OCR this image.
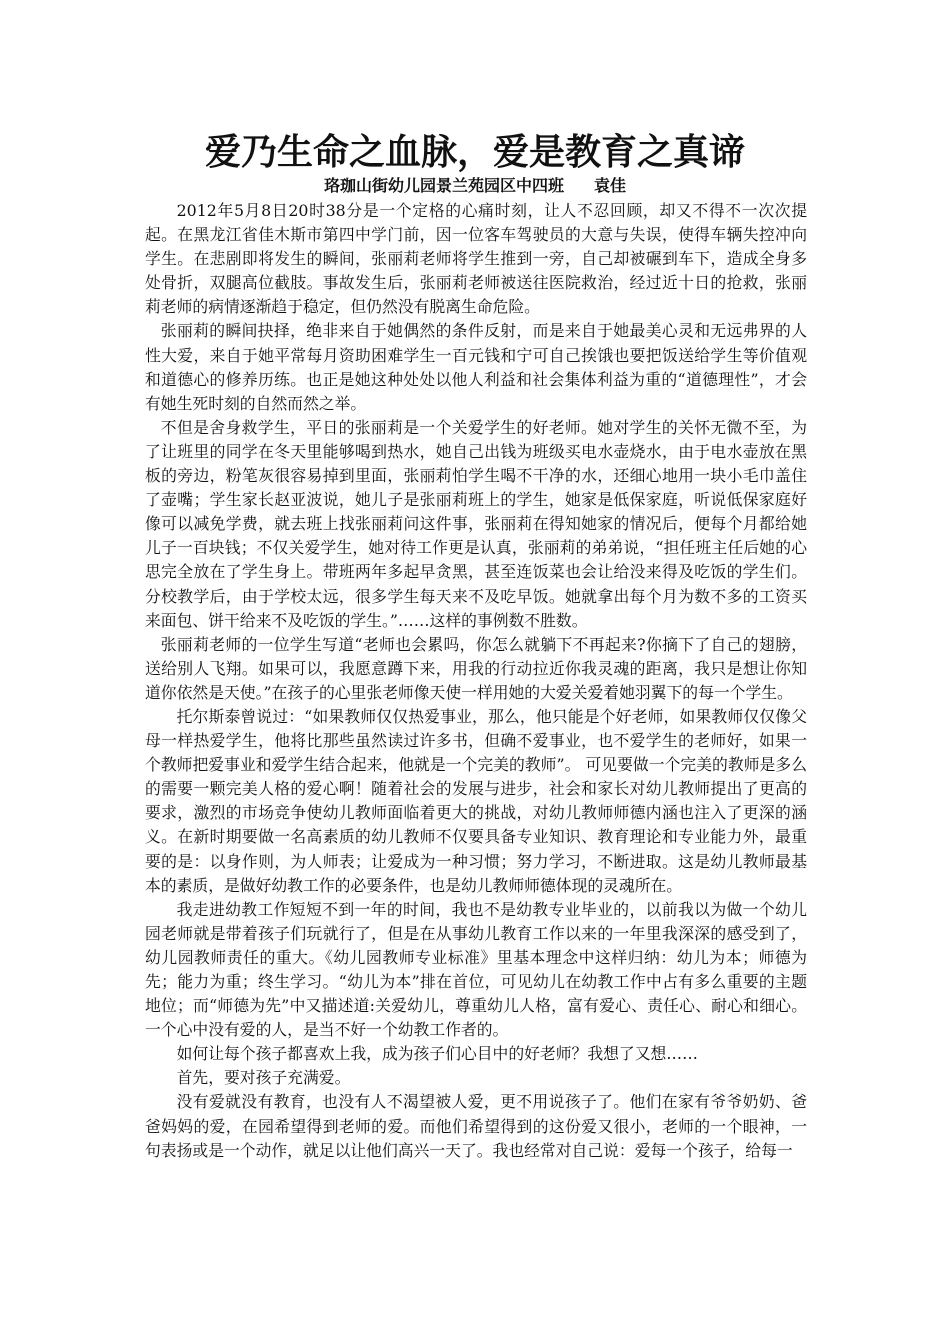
爱乃生命之血脉，爱是教育之真谛
珞珈山街幼儿园景兰苑园区中四班 袁佳

2012年5月8日20时38分是一个定格的心痛时刻，让人不忍回顾，却又不得不一次次提起。在黑龙江省佳木斯市第四中学门前，因一位客车驾驶员的大意与失误，使得车辆失控冲向学生。在悲剧即将发生的瞬间，张丽莉老师将学生推到一旁，自己却被碾到车下，造成全身多处骨折，双腿高位截肢。事故发生后，张丽莉老师被送往医院救治，经过近十日的抢救，张丽莉老师的病情逐渐趋于稳定，但仍然没有脱离生命危险。

张丽莉的瞬间抉择，绝非来自于她偶然的条件反射，而是来自于她最美心灵和无远弗界的人性大爱，来自于她平常每月资助困难学生一百元钱和宁可自己挨饿也要把饭送给学生等价值观和道德心的修养历练。也正是她这种处处以他人利益和社会集体利益为重的“道德理性”，才会有她生死时刻的自然而然之举。

不但是舍身救学生，平日的张丽莉是一个关爱学生的好老师。她对学生的关怀无微不至，为了让班里的同学在冬天里能够喝到热水，她自己出钱为班级买电水壶烧水，由于电水壶放在黑板的旁边，粉笔灰很容易掉到里面，张丽莉怕学生喝不干净的水，还细心地用一块小毛巾盖住了壶嘴；学生家长赵亚波说，她儿子是张丽莉班上的学生，她家是低保家庭，听说低保家庭好像可以减免学费，就去班上找张丽莉问这件事，张丽莉在得知她家的情况后，便每个月都给她儿子一百块钱；不仅关爱学生，她对待工作更是认真，张丽莉的弟弟说，“担任班主任后她的心思完全放在了学生身上。带班两年多起早贪黑，甚至连饭菜也会让给没来得及吃饭的学生们。分校教学后，由于学校太远，很多学生每天来不及吃早饭。她就拿出每个月为数不多的工资买来面包、饼干给来不及吃饭的学生。”……这样的事例数不胜数。

张丽莉老师的一位学生写道“老师也会累吗，你怎么就躺下不再起来?你摘下了自己的翅膀，送给别人飞翔。如果可以，我愿意蹲下来，用我的行动拉近你我灵魂的距离，我只是想让你知道你依然是天使。”在孩子的心里张老师像天使一样用她的大爱关爱着她羽翼下的每一个学生。

托尔斯泰曾说过：“如果教师仅仅热爱事业，那么，他只能是个好老师，如果教师仅仅像父母一样热爱学生，他将比那些虽然读过许多书，但确不爱事业，也不爱学生的老师好，如果一个教师把爱事业和爱学生结合起来，他就是一个完美的教师”。 可见要做一个完美的教师是多么的需要一颗完美人格的爱心啊！随着社会的发展与进步，社会和家长对幼儿教师提出了更高的要求，激烈的市场竞争使幼儿教师面临着更大的挑战，对幼儿教师师德内涵也注入了更深的涵义。在新时期要做一名高素质的幼儿教师不仅要具备专业知识、教育理论和专业能力外，最重要的是：以身作则，为人师表；让爱成为一种习惯；努力学习，不断进取。这是幼儿教师最基本的素质，是做好幼教工作的必要条件，也是幼儿教师师德体现的灵魂所在。

我走进幼教工作短短不到一年的时间，我也不是幼教专业毕业的，以前我以为做一个幼儿园老师就是带着孩子们玩就行了，但是在从事幼儿教育工作以来的一年里我深深的感受到了，幼儿园教师责任的重大。《幼儿园教师专业标准》里基本理念中这样归纳：幼儿为本；师德为先；能力为重；终生学习。“幼儿为本”排在首位，可见幼儿在幼教工作中占有多么重要的主题地位；而“师德为先”中又描述道:关爱幼儿，尊重幼儿人格，富有爱心、责任心、耐心和细心。一个心中没有爱的人，是当不好一个幼教工作者的。

如何让每个孩子都喜欢上我，成为孩子们心目中的好老师？我想了又想……

首先，要对孩子充满爱。

没有爱就没有教育，也没有人不渴望被人爱，更不用说孩子了。他们在家有爷爷奶奶、爸爸妈妈的爱，在园希望得到老师的爱。而他们希望得到的这份爱又很小，老师的一个眼神，一句表扬或是一个动作，就足以让他们高兴一天了。我也经常对自己说：爱每一个孩子，给每一
